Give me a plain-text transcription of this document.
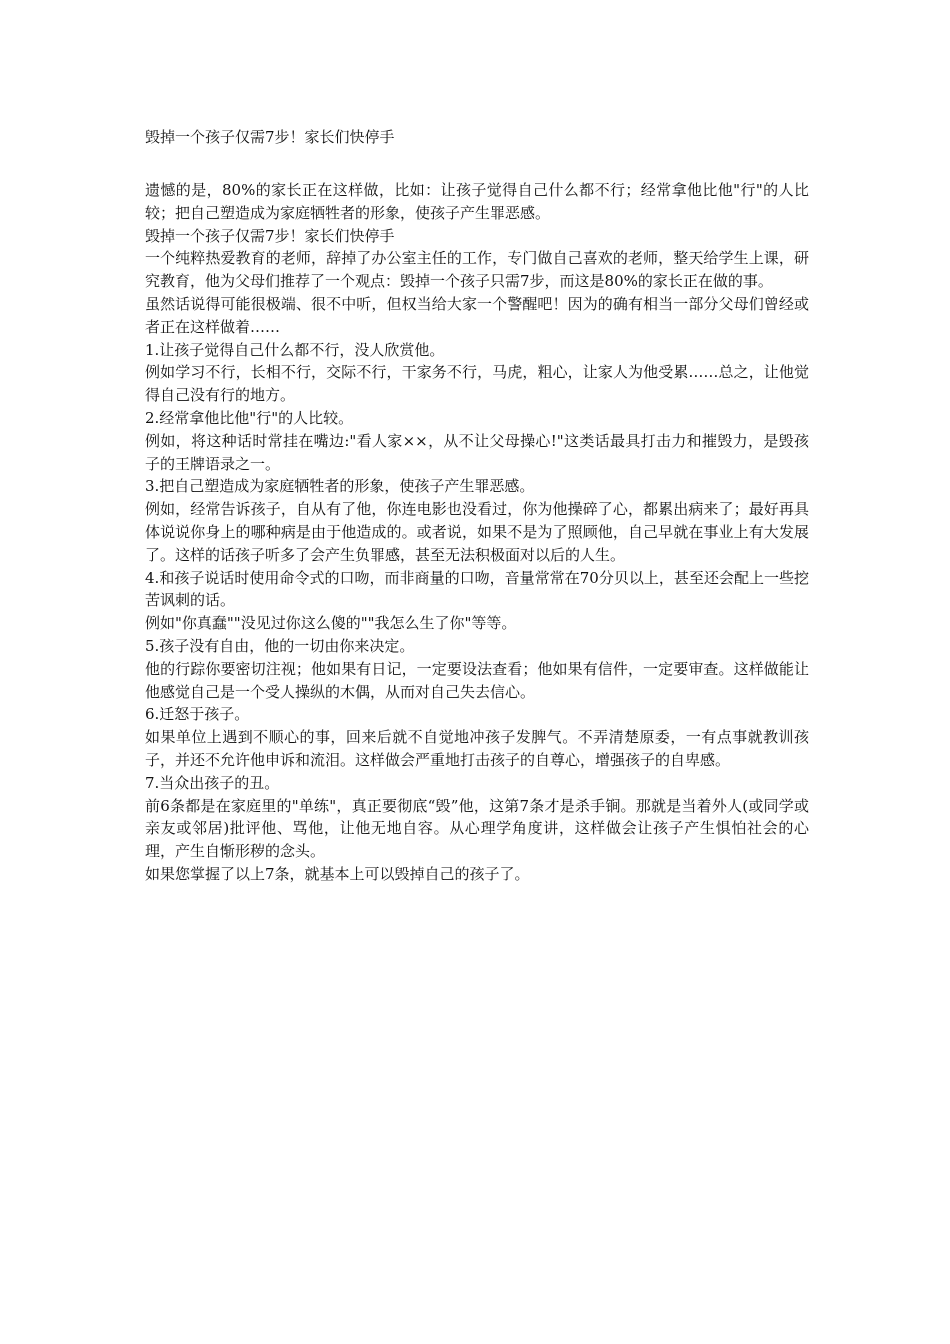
毁掉一个孩子仅需7步！家长们快停手

遗憾的是，80%的家长正在这样做，比如：让孩子觉得自己什么都不行；经常拿他比他"行"的人比较；把自己塑造成为家庭牺牲者的形象，使孩子产生罪恶感。

毁掉一个孩子仅需7步！家长们快停手

一个纯粹热爱教育的老师，辞掉了办公室主任的工作，专门做自己喜欢的老师，整天给学生上课，研究教育，他为父母们推荐了一个观点：毁掉一个孩子只需7步，而这是80%的家长正在做的事。

虽然话说得可能很极端、很不中听，但权当给大家一个警醒吧！因为的确有相当一部分父母们曾经或者正在这样做着……

1.让孩子觉得自己什么都不行，没人欣赏他。

例如学习不行，长相不行，交际不行，干家务不行，马虎，粗心，让家人为他受累……总之，让他觉得自己没有行的地方。

2.经常拿他比他"行"的人比较。

例如，将这种话时常挂在嘴边:"看人家××，从不让父母操心!"这类话最具打击力和摧毁力，是毁孩子的王牌语录之一。

3.把自己塑造成为家庭牺牲者的形象，使孩子产生罪恶感。

例如，经常告诉孩子，自从有了他，你连电影也没看过，你为他操碎了心，都累出病来了；最好再具体说说你身上的哪种病是由于他造成的。或者说，如果不是为了照顾他，自己早就在事业上有大发展了。这样的话孩子听多了会产生负罪感，甚至无法积极面对以后的人生。

4.和孩子说话时使用命令式的口吻，而非商量的口吻，音量常常在70分贝以上，甚至还会配上一些挖苦讽刺的话。

例如"你真蠢""没见过你这么傻的""我怎么生了你"等等。

5.孩子没有自由，他的一切由你来决定。

他的行踪你要密切注视；他如果有日记，一定要设法查看；他如果有信件，一定要审查。这样做能让他感觉自己是一个受人操纵的木偶，从而对自己失去信心。

6.迁怒于孩子。

如果单位上遇到不顺心的事，回来后就不自觉地冲孩子发脾气。不弄清楚原委，一有点事就教训孩子，并还不允许他申诉和流泪。这样做会严重地打击孩子的自尊心，增强孩子的自卑感。

7.当众出孩子的丑。

前6条都是在家庭里的"单练"，真正要彻底“毁”他，这第7条才是杀手锏。那就是当着外人(或同学或亲友或邻居)批评他、骂他，让他无地自容。从心理学角度讲，这样做会让孩子产生惧怕社会的心理，产生自惭形秽的念头。

如果您掌握了以上7条，就基本上可以毁掉自己的孩子了。
